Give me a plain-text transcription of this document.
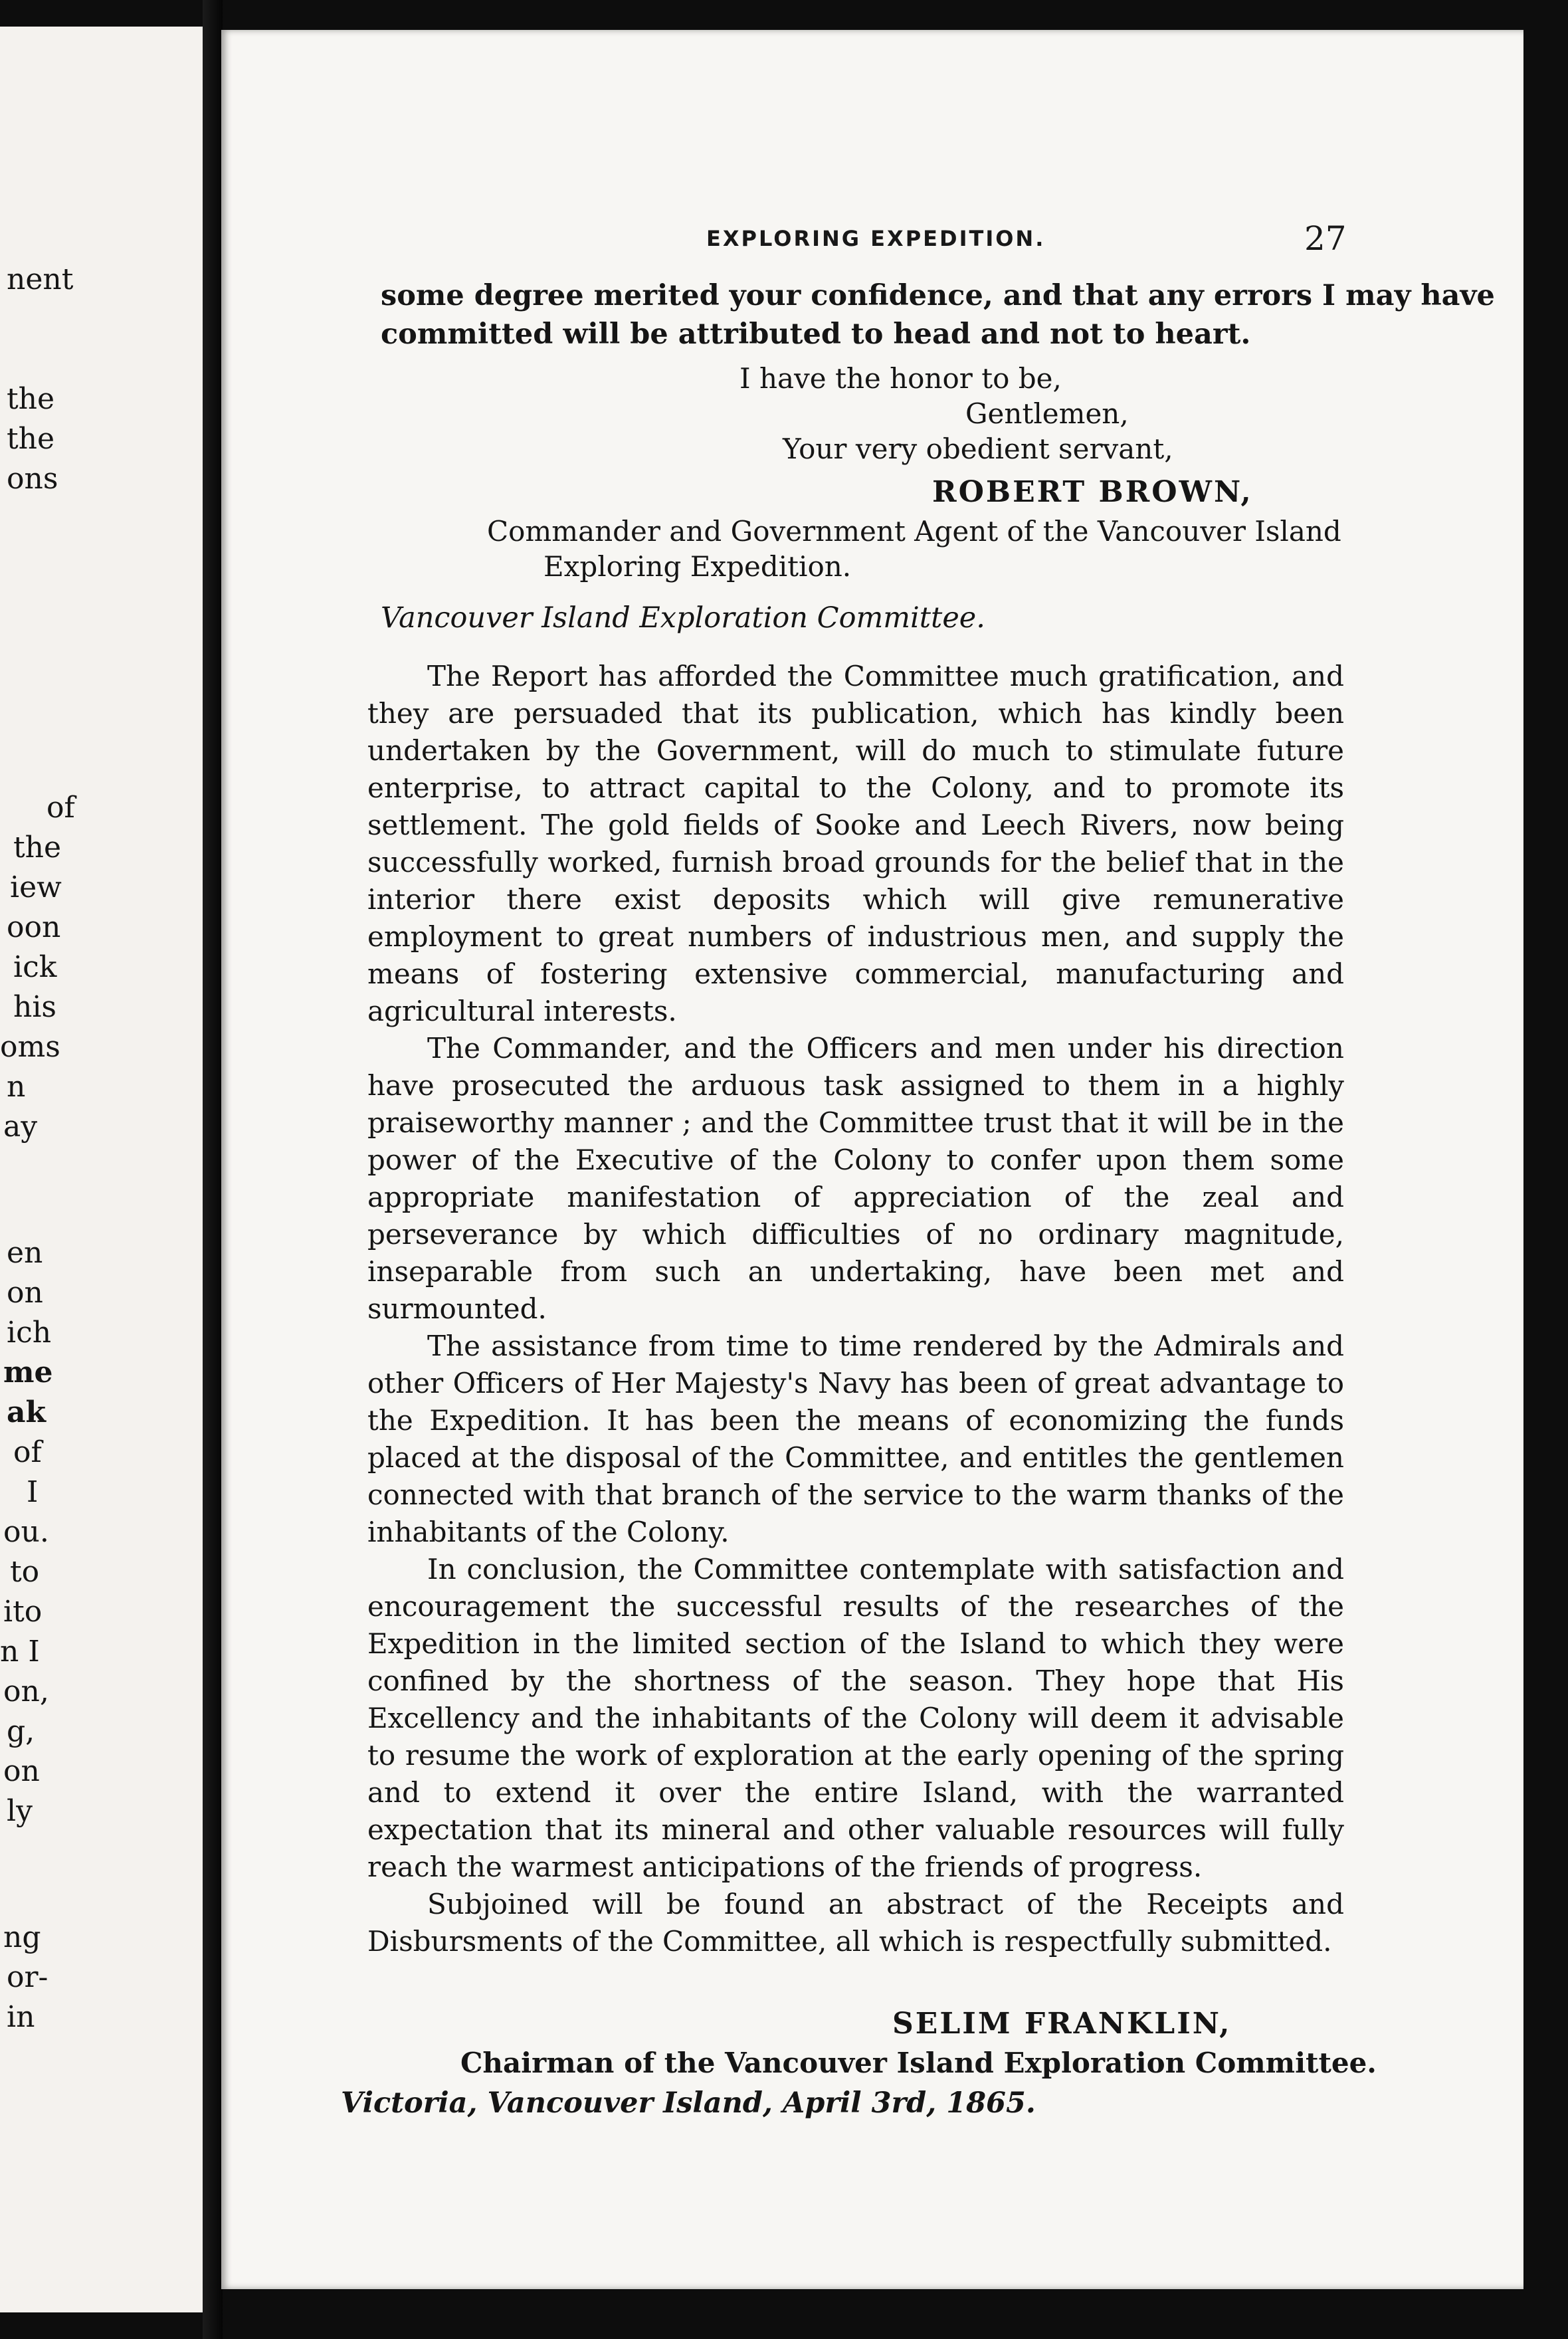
nent
the
the
ons
of
the
iew
oon
ick
his
oms
n
ay
en
on
ich
me
ak
of
I
ou.
to
ito
n I
on,
g,
on
ly
ng
or-
in
EXPLORING EXPEDITION.	27
some degree merited your confidence, and that any errors I may have
committed will be attributed to head and not to heart.
I have the honor to be,
Gentlemen,
Your very obedient servant,
ROBERT BROWN,
Commander and Government Agent of the Vancouver Island
Exploring Expedition.
Vancouver Island Exploration Committee.

The Report has afforded the Committee much gratification, and they are persuaded that its publication, which has kindly been undertaken by the Government, will do much to stimulate future enterprise, to attract capital to the Colony, and to promote its settlement. The gold fields of Sooke and Leech Rivers, now being successfully worked, furnish broad grounds for the belief that in the interior there exist deposits which will give remunerative employment to great numbers of industrious men, and supply the means of fostering extensive commercial, manufacturing and agricultural interests.

The Commander, and the Officers and men under his direction have prosecuted the arduous task assigned to them in a highly praiseworthy manner ; and the Committee trust that it will be in the power of the Executive of the Colony to confer upon them some appropriate manifestation of appreciation of the zeal and perseverance by which difficulties of no ordinary magnitude, inseparable from such an undertaking, have been met and surmounted.

The assistance from time to time rendered by the Admirals and other Officers of Her Majesty's Navy has been of great advantage to the Expedition. It has been the means of economizing the funds placed at the disposal of the Committee, and entitles the gentlemen connected with that branch of the service to the warm thanks of the inhabitants of the Colony.

In conclusion, the Committee contemplate with satisfaction and encouragement the successful results of the researches of the Expedition in the limited section of the Island to which they were confined by the shortness of the season. They hope that His Excellency and the inhabitants of the Colony will deem it advisable to resume the work of exploration at the early opening of the spring and to extend it over the entire Island, with the warranted expectation that its mineral and other valuable resources will fully reach the warmest anticipations of the friends of progress.

Subjoined will be found an abstract of the Receipts and Disbursments of the Committee, all which is respectfully submitted.

SELIM FRANKLIN,
Chairman of the Vancouver Island Exploration Committee.
Victoria, Vancouver Island, April 3rd, 1865.
